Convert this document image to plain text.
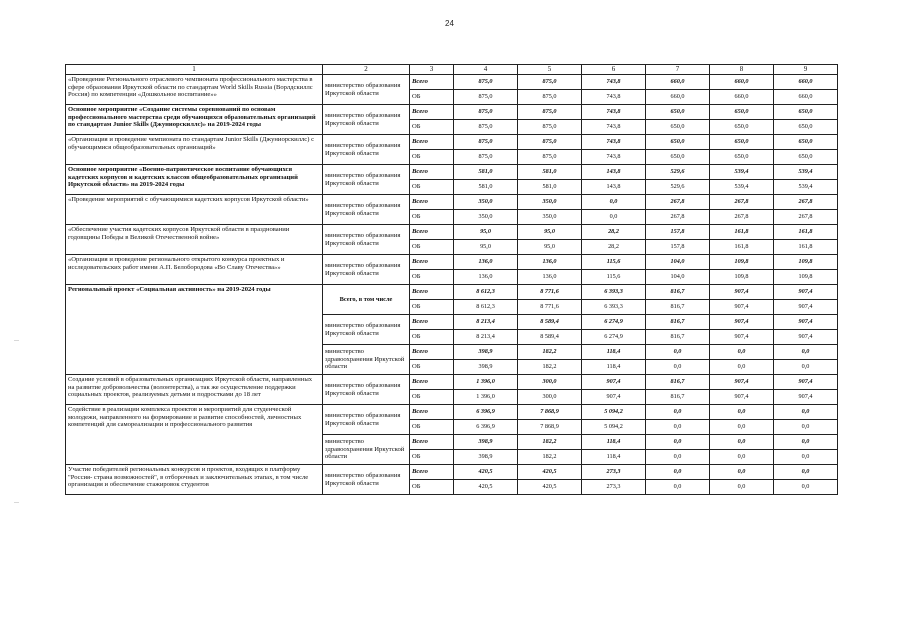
24
1	2	3	4	5	6	7	8	9
«Проведение Регионального отраслевого чемпионата профессионального мастерства в сфере образования Иркутской области по стандартам World Skills Russia (Ворлдскиллс Россия) по компетенции «Дошкольное воспитание»»	министерство образования Иркутской области	Всего	875,0	875,0	743,8	660,0	660,0	660,0
		ОБ	875,0	875,0	743,8	660,0	660,0	660,0
Основное мероприятие «Создание системы соревнований по основам профессионального мастерства среди обучающихся образовательных организаций по стандартам Junior Skills (Джуниорскиллс)» на 2019-2024 годы	министерство образования Иркутской области	Всего	875,0	875,0	743,8	650,0	650,0	650,0
		ОБ	875,0	875,0	743,8	650,0	650,0	650,0
«Организация и проведение чемпионата по стандартам Junior Skills (Джуниорскиллс) с обучающимися общеобразовательных организаций»	министерство образования Иркутской области	Всего	875,0	875,0	743,8	650,0	650,0	650,0
		ОБ	875,0	875,0	743,8	650,0	650,0	650,0
Основное мероприятие «Военно-патриотическое воспитание обучающихся кадетских корпусов и кадетских классов общеобразовательных организаций Иркутской области» на 2019-2024 годы	министерство образования Иркутской области	Всего	581,0	581,0	143,8	529,6	539,4	539,4
		ОБ	581,0	581,0	143,8	529,6	539,4	539,4
«Проведение мероприятий с обучающимися кадетских корпусов Иркутской области»	министерство образования Иркутской области	Всего	350,0	350,0	0,0	267,8	267,8	267,8
		ОБ	350,0	350,0	0,0	267,8	267,8	267,8
«Обеспечение участия кадетских корпусов Иркутской области в праздновании годовщины Победы в Великой Отечественной войне»	министерство образования Иркутской области	Всего	95,0	95,0	28,2	157,8	161,8	161,8
		ОБ	95,0	95,0	28,2	157,8	161,8	161,8
«Организация и проведение регионального открытого конкурса проектных и исследовательских работ имени А.П. Белобородова «Во Славу Отечества»»	министерство образования Иркутской области	Всего	136,0	136,0	115,6	104,0	109,8	109,8
		ОБ	136,0	136,0	115,6	104,0	109,8	109,8
Региональный проект «Социальная активность» на 2019-2024 годы	Всего, в том числе	Всего	8 612,3	8 771,6	6 393,3	816,7	907,4	907,4
		ОБ	8 612,3	8 771,6	6 393,3	816,7	907,4	907,4
	министерство образования Иркутской области	Всего	8 213,4	8 589,4	6 274,9	816,7	907,4	907,4
		ОБ	8 213,4	8 589,4	6 274,9	816,7	907,4	907,4
	министерство здравоохранения Иркутской области	Всего	398,9	182,2	118,4	0,0	0,0	0,0
		ОБ	398,9	182,2	118,4	0,0	0,0	0,0
Создание условий в образовательных организациях Иркутской области, направленных на развитие добровольчества (волонтерства), а так же осуществление поддержки социальных проектов, реализуемых детьми и подростками до 18 лет	министерство образования Иркутской области	Всего	1 396,0	300,0	907,4	816,7	907,4	907,4
		ОБ	1 396,0	300,0	907,4	816,7	907,4	907,4
Содействие в реализации комплекса проектов и мероприятий для студенческой молодежи, направленного на формирование и развитие способностей, личностных компетенций для самореализации и профессионального развития	министерство образования Иркутской области	Всего	6 396,9	7 868,9	5 094,2	0,0	0,0	0,0
		ОБ	6 396,9	7 868,9	5 094,2	0,0	0,0	0,0
	министерство здравоохранения Иркутской области	Всего	398,9	182,2	118,4	0,0	0,0	0,0
		ОБ	398,9	182,2	118,4	0,0	0,0	0,0
Участие победителей региональных конкурсов и проектов, входящих в платформу "Россия- страна возможностей", в отборочных и заключительных этапах, в том числе организация и обеспечение стажировок студентов	министерство образования Иркутской области	Всего	420,5	420,5	273,3	0,0	0,0	0,0
		ОБ	420,5	420,5	273,3	0,0	0,0	0,0
